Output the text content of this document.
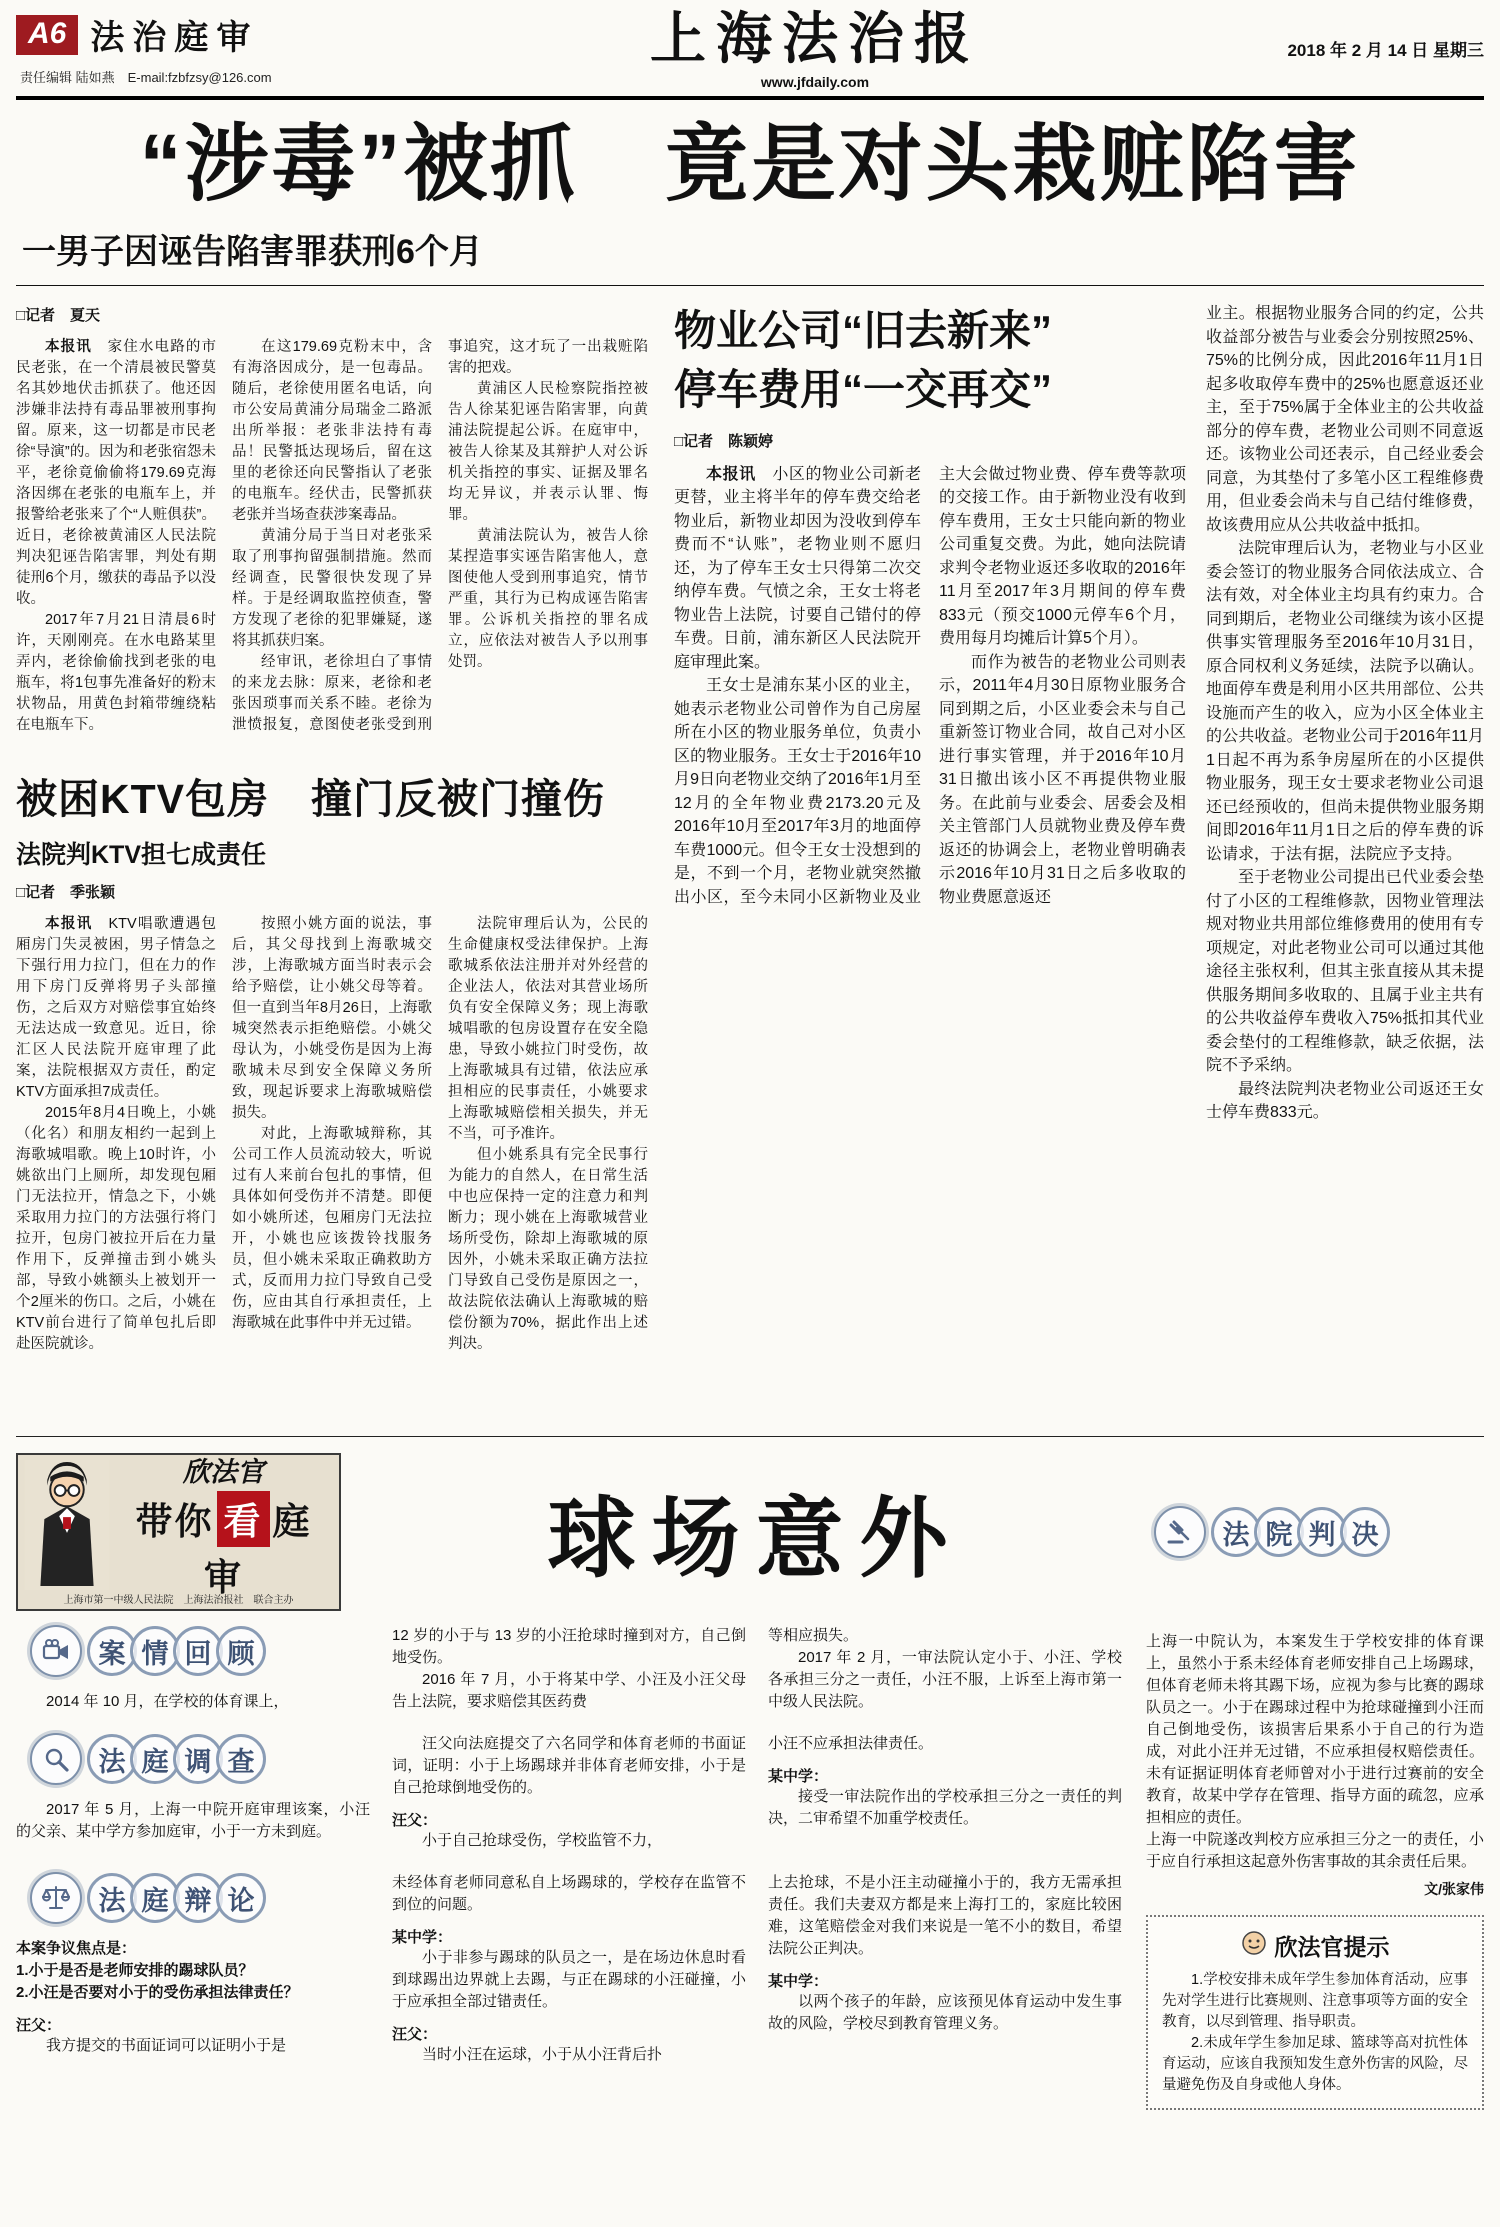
A6 法治庭审
责任编辑 陆如燕　E-mail:fzbfzsy@126.com
上海法治报
www.jfdaily.com
2018 年 2 月 14 日 星期三
“涉毒”被抓　竟是对头栽赃陷害
一男子因诬告陷害罪获刑6个月
□记者　夏天

本报讯　家住水电路的市民老张，在一个清晨被民警莫名其妙地伏击抓获了。他还因涉嫌非法持有毒品罪被刑事拘留。原来，这一切都是市民老徐“导演”的。因为和老张宿怨未平，老徐竟偷偷将179.69克海洛因绑在老张的电瓶车上，并报警给老张来了个“人赃俱获”。近日，老徐被黄浦区人民法院判决犯诬告陷害罪，判处有期徒刑6个月，缴获的毒品予以没收。

2017年7月21日清晨6时许，天刚刚亮。在水电路某里弄内，老徐偷偷找到老张的电瓶车，将1包事先准备好的粉末状物品，用黄色封箱带缠绕粘在电瓶车下。

在这179.69克粉末中，含有海洛因成分，是一包毒品。随后，老徐使用匿名电话，向市公安局黄浦分局瑞金二路派出所举报：老张非法持有毒品！民警抵达现场后，留在这里的老徐还向民警指认了老张的电瓶车。经伏击，民警抓获老张并当场查获涉案毒品。

黄浦分局于当日对老张采取了刑事拘留强制措施。然而经调查，民警很快发现了异样。于是经调取监控侦查，警方发现了老徐的犯罪嫌疑，遂将其抓获归案。

经审讯，老徐坦白了事情的来龙去脉：原来，老徐和老张因琐事而关系不睦。老徐为泄愤报复，意图使老张受到刑事追究，这才玩了一出栽赃陷害的把戏。

黄浦区人民检察院指控被告人徐某犯诬告陷害罪，向黄浦法院提起公诉。在庭审中，被告人徐某及其辩护人对公诉机关指控的事实、证据及罪名均无异议，并表示认罪、悔罪。

黄浦法院认为，被告人徐某捏造事实诬告陷害他人，意图使他人受到刑事追究，情节严重，其行为已构成诬告陷害罪。公诉机关指控的罪名成立，应依法对被告人予以刑事处罚。

被困KTV包房　撞门反被门撞伤
法院判KTV担七成责任
□记者　季张颖

本报讯　KTV唱歌遭遇包厢房门失灵被困，男子情急之下强行用力拉门，但在力的作用下房门反弹将男子头部撞伤，之后双方对赔偿事宜始终无法达成一致意见。近日，徐汇区人民法院开庭审理了此案，法院根据双方责任，酌定KTV方面承担7成责任。

2015年8月4日晚上，小姚（化名）和朋友相约一起到上海歌城唱歌。晚上10时许，小姚欲出门上厕所，却发现包厢门无法拉开，情急之下，小姚采取用力拉门的方法强行将门拉开，包房门被拉开后在力量作用下，反弹撞击到小姚头部，导致小姚额头上被划开一个2厘米的伤口。之后，小姚在KTV前台进行了简单包扎后即赴医院就诊。

按照小姚方面的说法，事后，其父母找到上海歌城交涉，上海歌城方面当时表示会给予赔偿，让小姚父母等着。但一直到当年8月26日，上海歌城突然表示拒绝赔偿。小姚父母认为，小姚受伤是因为上海歌城未尽到安全保障义务所致，现起诉要求上海歌城赔偿损失。

对此，上海歌城辩称，其公司工作人员流动较大，听说过有人来前台包扎的事情，但具体如何受伤并不清楚。即便如小姚所述，包厢房门无法拉开，小姚也应该拨铃找服务员，但小姚未采取正确救助方式，反而用力拉门导致自己受伤，应由其自行承担责任，上海歌城在此事件中并无过错。

法院审理后认为，公民的生命健康权受法律保护。上海歌城系依法注册并对外经营的企业法人，依法对其营业场所负有安全保障义务；现上海歌城唱歌的包房设置存在安全隐患，导致小姚拉门时受伤，故上海歌城具有过错，依法应承担相应的民事责任，小姚要求上海歌城赔偿相关损失，并无不当，可予准许。

但小姚系具有完全民事行为能力的自然人，在日常生活中也应保持一定的注意力和判断力；现小姚在上海歌城营业场所受伤，除却上海歌城的原因外，小姚未采取正确方法拉门导致自己受伤是原因之一，故法院依法确认上海歌城的赔偿份额为70%，据此作出上述判决。

物业公司“旧去新来”
停车费用“一交再交”
□记者　陈颖婷

本报讯　小区的物业公司新老更替，业主将半年的停车费交给老物业后，新物业却因为没收到停车费而不“认账”，老物业则不愿归还，为了停车王女士只得第二次交纳停车费。气愤之余，王女士将老物业告上法院，讨要自己错付的停车费。日前，浦东新区人民法院开庭审理此案。

王女士是浦东某小区的业主，她表示老物业公司曾作为自己房屋所在小区的物业服务单位，负责小区的物业服务。王女士于2016年10月9日向老物业交纳了2016年1月至12月的全年物业费2173.20元及2016年10月至2017年3月的地面停车费1000元。但令王女士没想到的是，不到一个月，老物业就突然撤出小区，至今未同小区新物业及业主大会做过物业费、停车费等款项的交接工作。由于新物业没有收到停车费用，王女士只能向新的物业公司重复交费。为此，她向法院请求判令老物业返还多收取的2016年11月至2017年3月期间的停车费833元（预交1000元停车6个月，费用每月均摊后计算5个月）。

而作为被告的老物业公司则表示，2011年4月30日原物业服务合同到期之后，小区业委会未与自己重新签订物业合同，故自己对小区进行事实管理，并于2016年10月31日撤出该小区不再提供物业服务。在此前与业委会、居委会及相关主管部门人员就物业费及停车费返还的协调会上，老物业曾明确表示2016年10月31日之后多收取的物业费愿意返还

业主。根据物业服务合同的约定，公共收益部分被告与业委会分别按照25%、75%的比例分成，因此2016年11月1日起多收取停车费中的25%也愿意返还业主，至于75%属于全体业主的公共收益部分的停车费，老物业公司则不同意返还。该物业公司还表示，自己经业委会同意，为其垫付了多笔小区工程维修费用，但业委会尚未与自己结付维修费，故该费用应从公共收益中抵扣。

法院审理后认为，老物业与小区业委会签订的物业服务合同依法成立、合法有效，对全体业主均具有约束力。合同到期后，老物业公司继续为该小区提供事实管理服务至2016年10月31日，原合同权利义务延续，法院予以确认。地面停车费是利用小区共用部位、公共设施而产生的收入，应为小区全体业主的公共收益。老物业公司于2016年11月1日起不再为系争房屋所在的小区提供物业服务，现王女士要求老物业公司退还已经预收的，但尚未提供物业服务期间即2016年11月1日之后的停车费的诉讼请求，于法有据，法院应予支持。

至于老物业公司提出已代业委会垫付了小区的工程维修款，因物业管理法规对物业共用部位维修费用的使用有专项规定，对此老物业公司可以通过其他途径主张权利，但其主张直接从其未提供服务期间多收取的、且属于业主共有的公共收益停车费收入75%抵扣其代业委会垫付的工程维修款，缺乏依据，法院不予采纳。

最终法院判决老物业公司返还王女士停车费833元。

欣法官
带你 看 庭审
上海市第一中级人民法院　上海法治报社　联合主办
球场意外	法 院 判 决
案 情 回 顾

2014 年 10 月，在学校的体育课上，

12 岁的小于与 13 岁的小汪抢球时撞到对方，自己倒地受伤。

2016 年 7 月，小于将某中学、小汪及小汪父母告上法院，要求赔偿其医药费

等相应损失。

2017 年 2 月，一审法院认定小于、小汪、学校各承担三分之一责任，小汪不服，上诉至上海市第一中级人民法院。

法 庭 调 查

2017 年 5 月，上海一中院开庭审理该案，小汪的父亲、某中学方参加庭审，小于一方未到庭。

汪父向法庭提交了六名同学和体育老师的书面证词，证明：小于上场踢球并非体育老师安排，小于是自己抢球倒地受伤的。

汪父：

小于自己抢球受伤，学校监管不力，

小汪不应承担法律责任。

某中学：

接受一审法院作出的学校承担三分之一责任的判决，二审希望不加重学校责任。

法 庭 辩 论

本案争议焦点是：

1.小于是否是老师安排的踢球队员？

2.小汪是否要对小于的受伤承担法律责任？

汪父：

我方提交的书面证词可以证明小于是

未经体育老师同意私自上场踢球的，学校存在监管不到位的问题。

某中学：

小于非参与踢球的队员之一，是在场边休息时看到球踢出边界就上去踢，与正在踢球的小汪碰撞，小于应承担全部过错责任。

汪父：

当时小汪在运球，小于从小汪背后扑

上去抢球，不是小汪主动碰撞小于的，我方无需承担责任。我们夫妻双方都是来上海打工的，家庭比较困难，这笔赔偿金对我们来说是一笔不小的数目，希望法院公正判决。

某中学：

以两个孩子的年龄，应该预见体育运动中发生事故的风险，学校尽到教育管理义务。

上海一中院认为，本案发生于学校安排的体育课上，虽然小于系未经体育老师安排自己上场踢球，但体育老师未将其踢下场，应视为参与比赛的踢球队员之一。小于在踢球过程中为抢球碰撞到小汪而自己倒地受伤，该损害后果系小于自己的行为造成，对此小汪并无过错，不应承担侵权赔偿责任。未有证据证明体育老师曾对小于进行过赛前的安全教育，故某中学存在管理、指导方面的疏忽，应承担相应的责任。

上海一中院遂改判校方应承担三分之一的责任，小于应自行承担这起意外伤害事故的其余责任后果。

文/张家伟
欣法官提示

1.学校安排未成年学生参加体育活动，应事先对学生进行比赛规则、注意事项等方面的安全教育，以尽到管理、指导职责。

2.未成年学生参加足球、篮球等高对抗性体育运动，应该自我预知发生意外伤害的风险，尽量避免伤及自身或他人身体。
